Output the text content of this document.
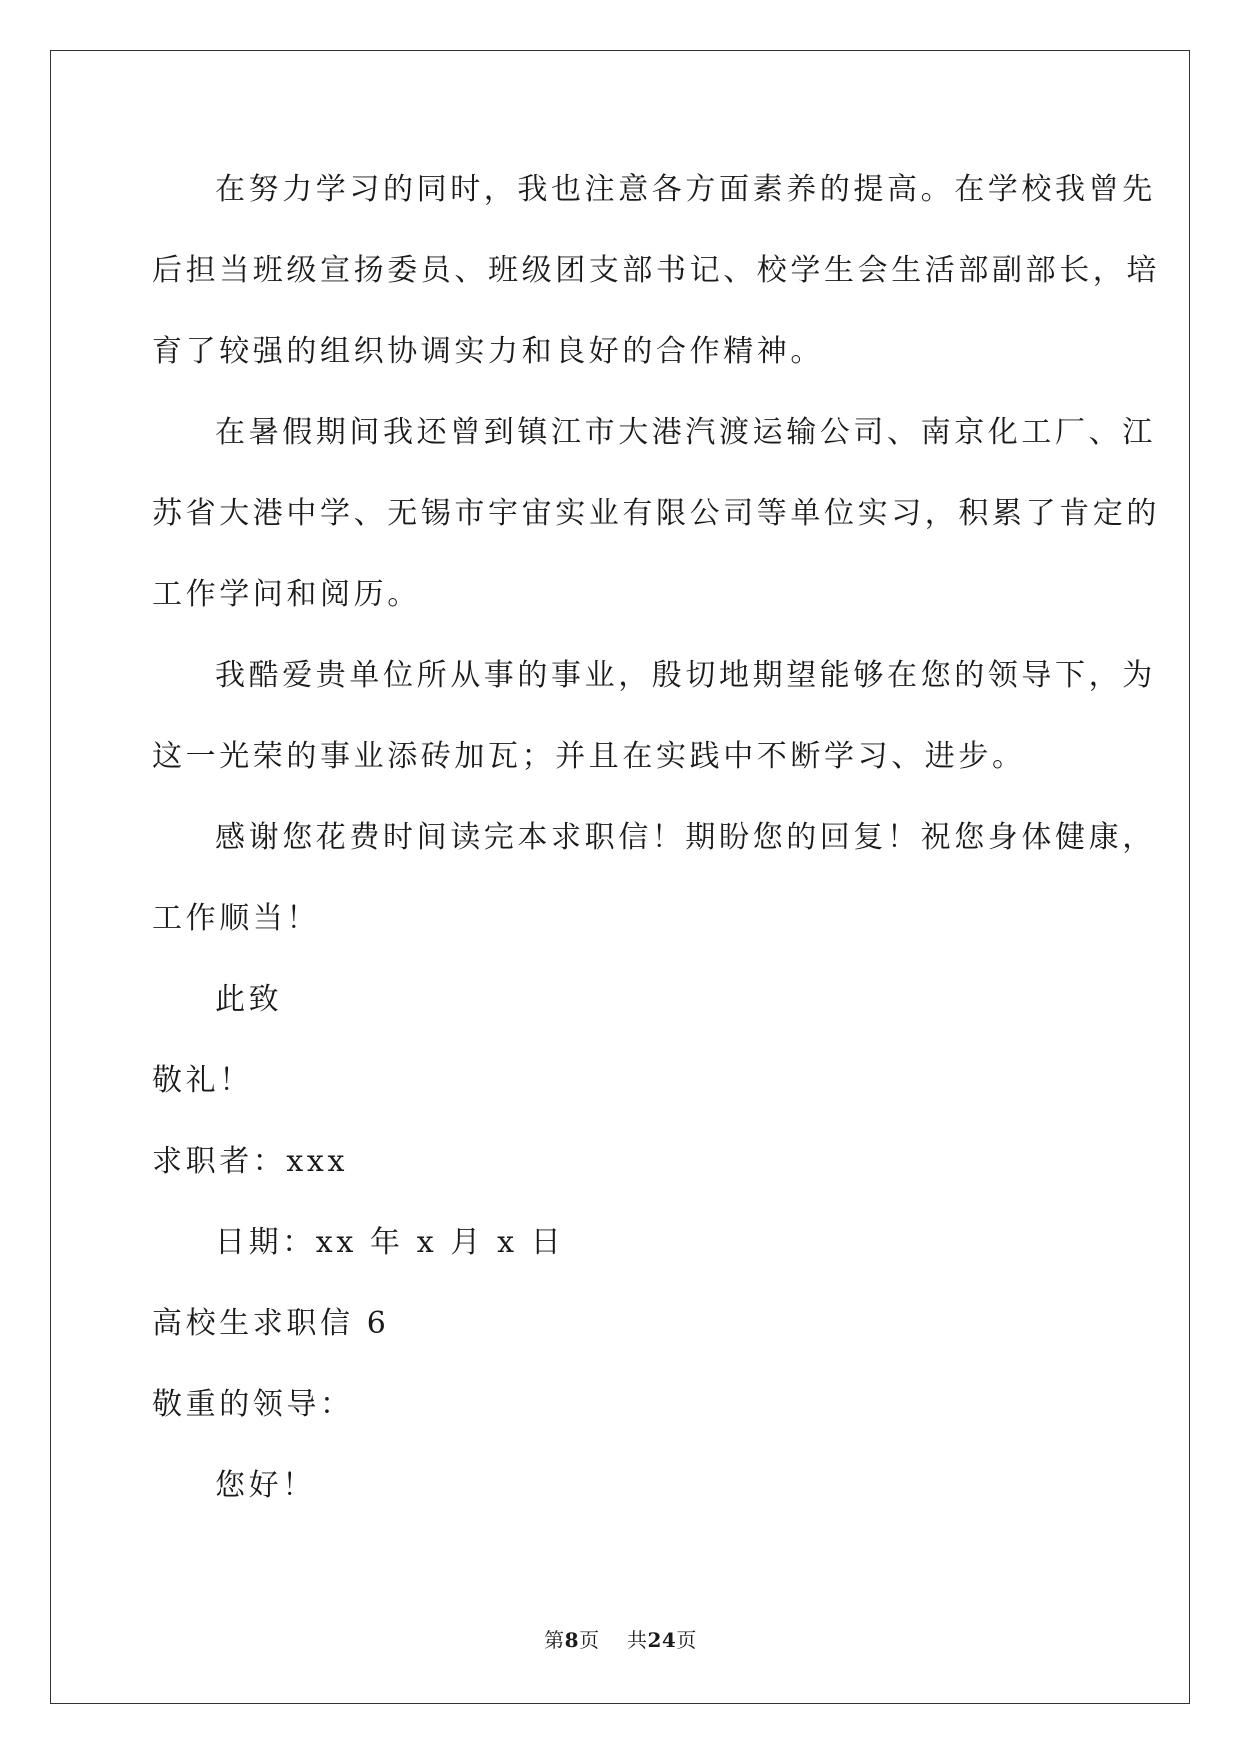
在努力学习的同时，我也注意各方面素养的提高。在学校我曾先
后担当班级宣扬委员、班级团支部书记、校学生会生活部副部长，培
育了较强的组织协调实力和良好的合作精神。
在暑假期间我还曾到镇江市大港汽渡运输公司、南京化工厂、江
苏省大港中学、无锡市宇宙实业有限公司等单位实习，积累了肯定的
工作学问和阅历。
我酷爱贵单位所从事的事业，殷切地期望能够在您的领导下，为
这一光荣的事业添砖加瓦；并且在实践中不断学习、进步。
感谢您花费时间读完本求职信！期盼您的回复！祝您身体健康，
工作顺当！
此致
敬礼！
求职者：xxx
日期：xx 年 x 月 x 日
高校生求职信 6
敬重的领导：
您好！
第8页 共24页
